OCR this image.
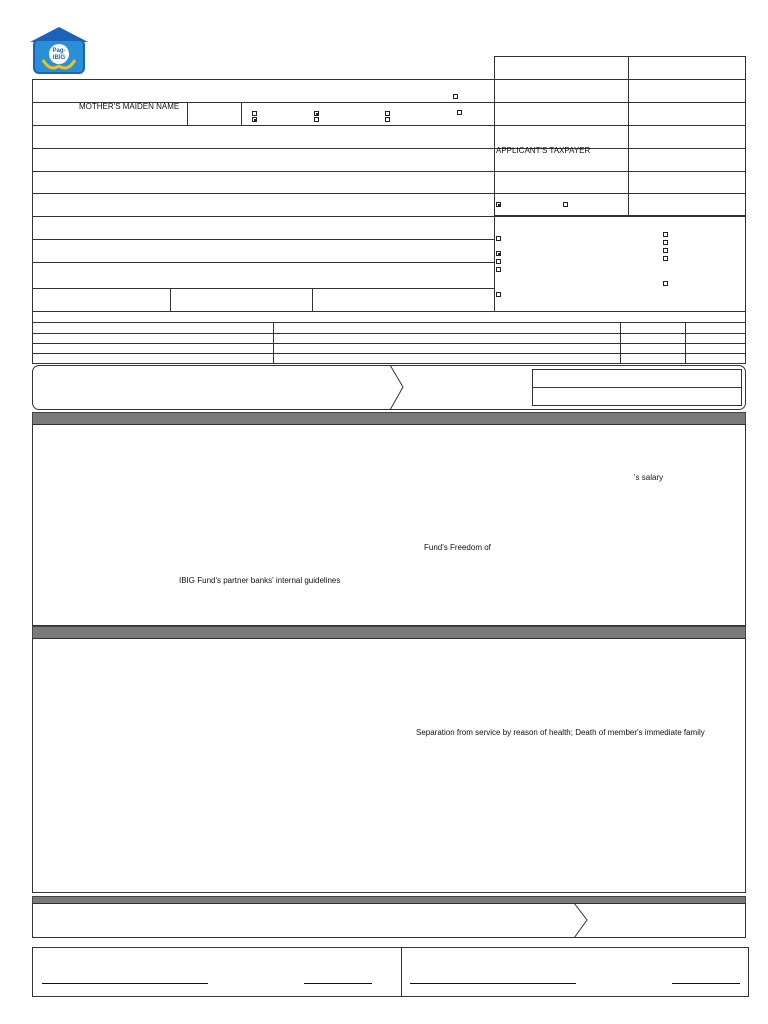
Pag-
IBIG
MOTHER'S MAIDEN NAME
APPLICANT'S TAXPAYER
's salary
Fund's Freedom of
IBIG Fund's partner banks' internal guidelines
Separation from service by reason of health; Death of member's immediate family
